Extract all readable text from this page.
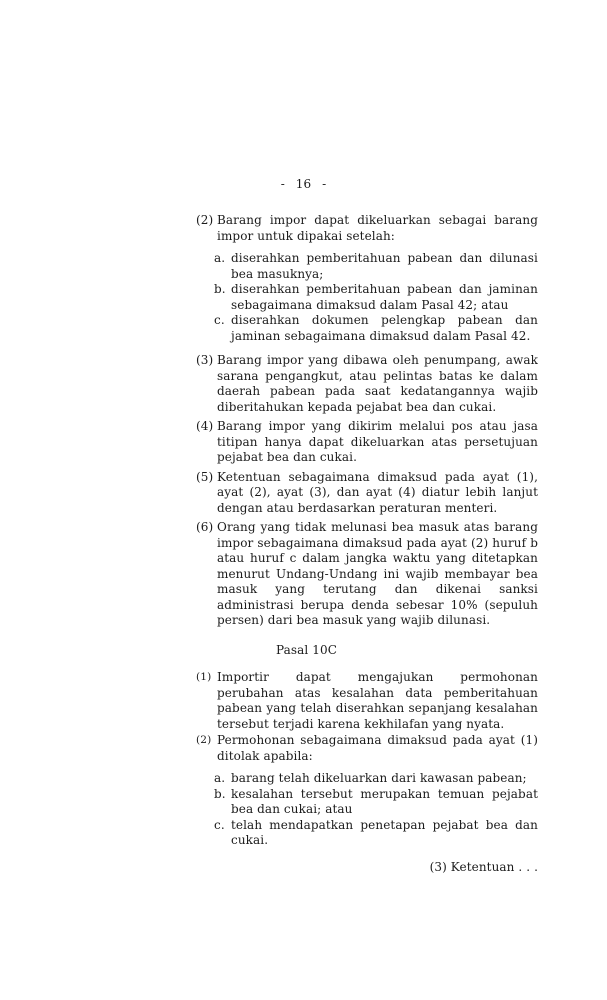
- 16 -
(2) Barang impor dapat dikeluarkan sebagai barang impor untuk dipakai setelah:
a. diserahkan pemberitahuan pabean dan dilunasi bea masuknya;
b. diserahkan pemberitahuan pabean dan jaminan sebagaimana dimaksud dalam Pasal 42; atau
c. diserahkan dokumen pelengkap pabean dan jaminan sebagaimana dimaksud dalam Pasal 42.
(3) Barang impor yang dibawa oleh penumpang, awak sarana pengangkut, atau pelintas batas ke dalam daerah pabean pada saat kedatangannya wajib diberitahukan kepada pejabat bea dan cukai.
(4) Barang impor yang dikirim melalui pos atau jasa titipan hanya dapat dikeluarkan atas persetujuan pejabat bea dan cukai.
(5) Ketentuan sebagaimana dimaksud pada ayat (1), ayat (2), ayat (3), dan ayat (4) diatur lebih lanjut dengan atau berdasarkan peraturan menteri.
(6) Orang yang tidak melunasi bea masuk atas barang impor sebagaimana dimaksud pada ayat (2) huruf b atau huruf c dalam jangka waktu yang ditetapkan menurut Undang-Undang ini wajib membayar bea masuk yang terutang dan dikenai sanksi administrasi berupa denda sebesar 10% (sepuluh persen) dari bea masuk yang wajib dilunasi.
Pasal 10C
(1) Importir dapat mengajukan permohonan perubahan atas kesalahan data pemberitahuan pabean yang telah diserahkan sepanjang kesalahan tersebut terjadi karena kekhilafan yang nyata.
(2) Permohonan sebagaimana dimaksud pada ayat (1) ditolak apabila:
a. barang telah dikeluarkan dari kawasan pabean;
b. kesalahan tersebut merupakan temuan pejabat bea dan cukai; atau
c. telah mendapatkan penetapan pejabat bea dan cukai.
(3) Ketentuan . . .
